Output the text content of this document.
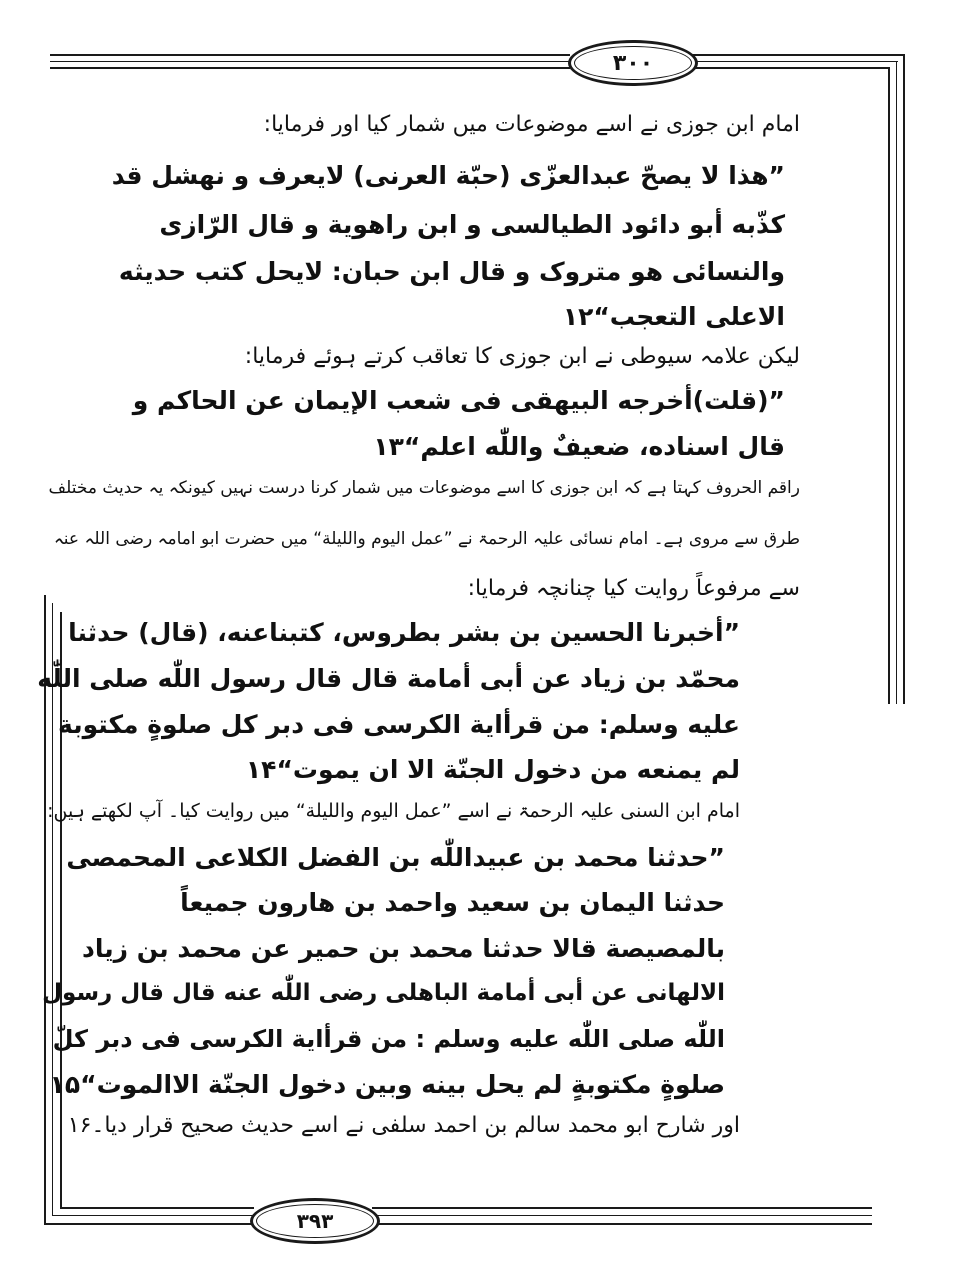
۳۰۰
۳۹۳
امام ابن جوزی نے اسے موضوعات میں شمار کیا اور فرمایا:
”ھذا لا یصحّ عبدالعزّی (حبّة العرنی) لایعرف و نھشل قد
کذّبه أبو دائود الطیالسی و ابن راھویة و قال الرّازی
والنسائی ھو متروک و قال ابن حبان: لایحل کتب حدیثه
الاعلی التعجب“۱۲
لیکن علامہ سیوطی نے ابن جوزی کا تعاقب کرتے ہوئے فرمایا:
”(قلت)أخرجه البیھقی فی شعب الإیمان عن الحاکم و
قال اسناده، ضعیفٌ واللّٰه اعلم“۱۳
راقم الحروف کہتا ہے کہ ابن جوزی کا اسے موضوعات میں شمار کرنا درست نہیں کیونکہ یہ حدیث مختلف
طرق سے مروی ہے۔ امام نسائی علیہ الرحمۃ نے ”عمل الیوم واللیلة“ میں حضرت ابو امامہ رضی اللہ عنہ
سے مرفوعاً روایت کیا چنانچہ فرمایا:
”أخبرنا الحسین بن بشر بطروس، کتبناعنه، (قال) حدثنا
محمّد بن زیاد عن أبی أمامة قال قال رسول اللّٰه صلی اللّٰه
علیه وسلم: من قرأایة الکرسی فی دبر کل صلوةٍ مکتوبة
لم یمنعه من دخول الجنّة الا ان یموت“۱۴
امام ابن السنی علیہ الرحمۃ نے اسے ”عمل الیوم واللیلة“ میں روایت کیا۔ آپ لکھتے ہیں:
”حدثنا محمد بن عبیداللّٰه بن الفضل الکلاعی المحمصی
حدثنا الیمان بن سعید واحمد بن ھارون جمیعاً
بالمصیصة قالا حدثنا محمد بن حمیر عن محمد بن زیاد
الالھانی عن أبی أمامة الباھلی رضی اللّٰه عنه قال قال رسول
اللّٰه صلی اللّٰه علیه وسلم : من قرأایة الکرسی فی دبر کلّ
صلوةٍ مکتوبةٍ لم یحل بینه وبین دخول الجنّة الاالموت“۱۵
اور شارح ابو محمد سالم بن احمد سلفی نے اسے حدیث صحیح قرار دیا۔۱۶
